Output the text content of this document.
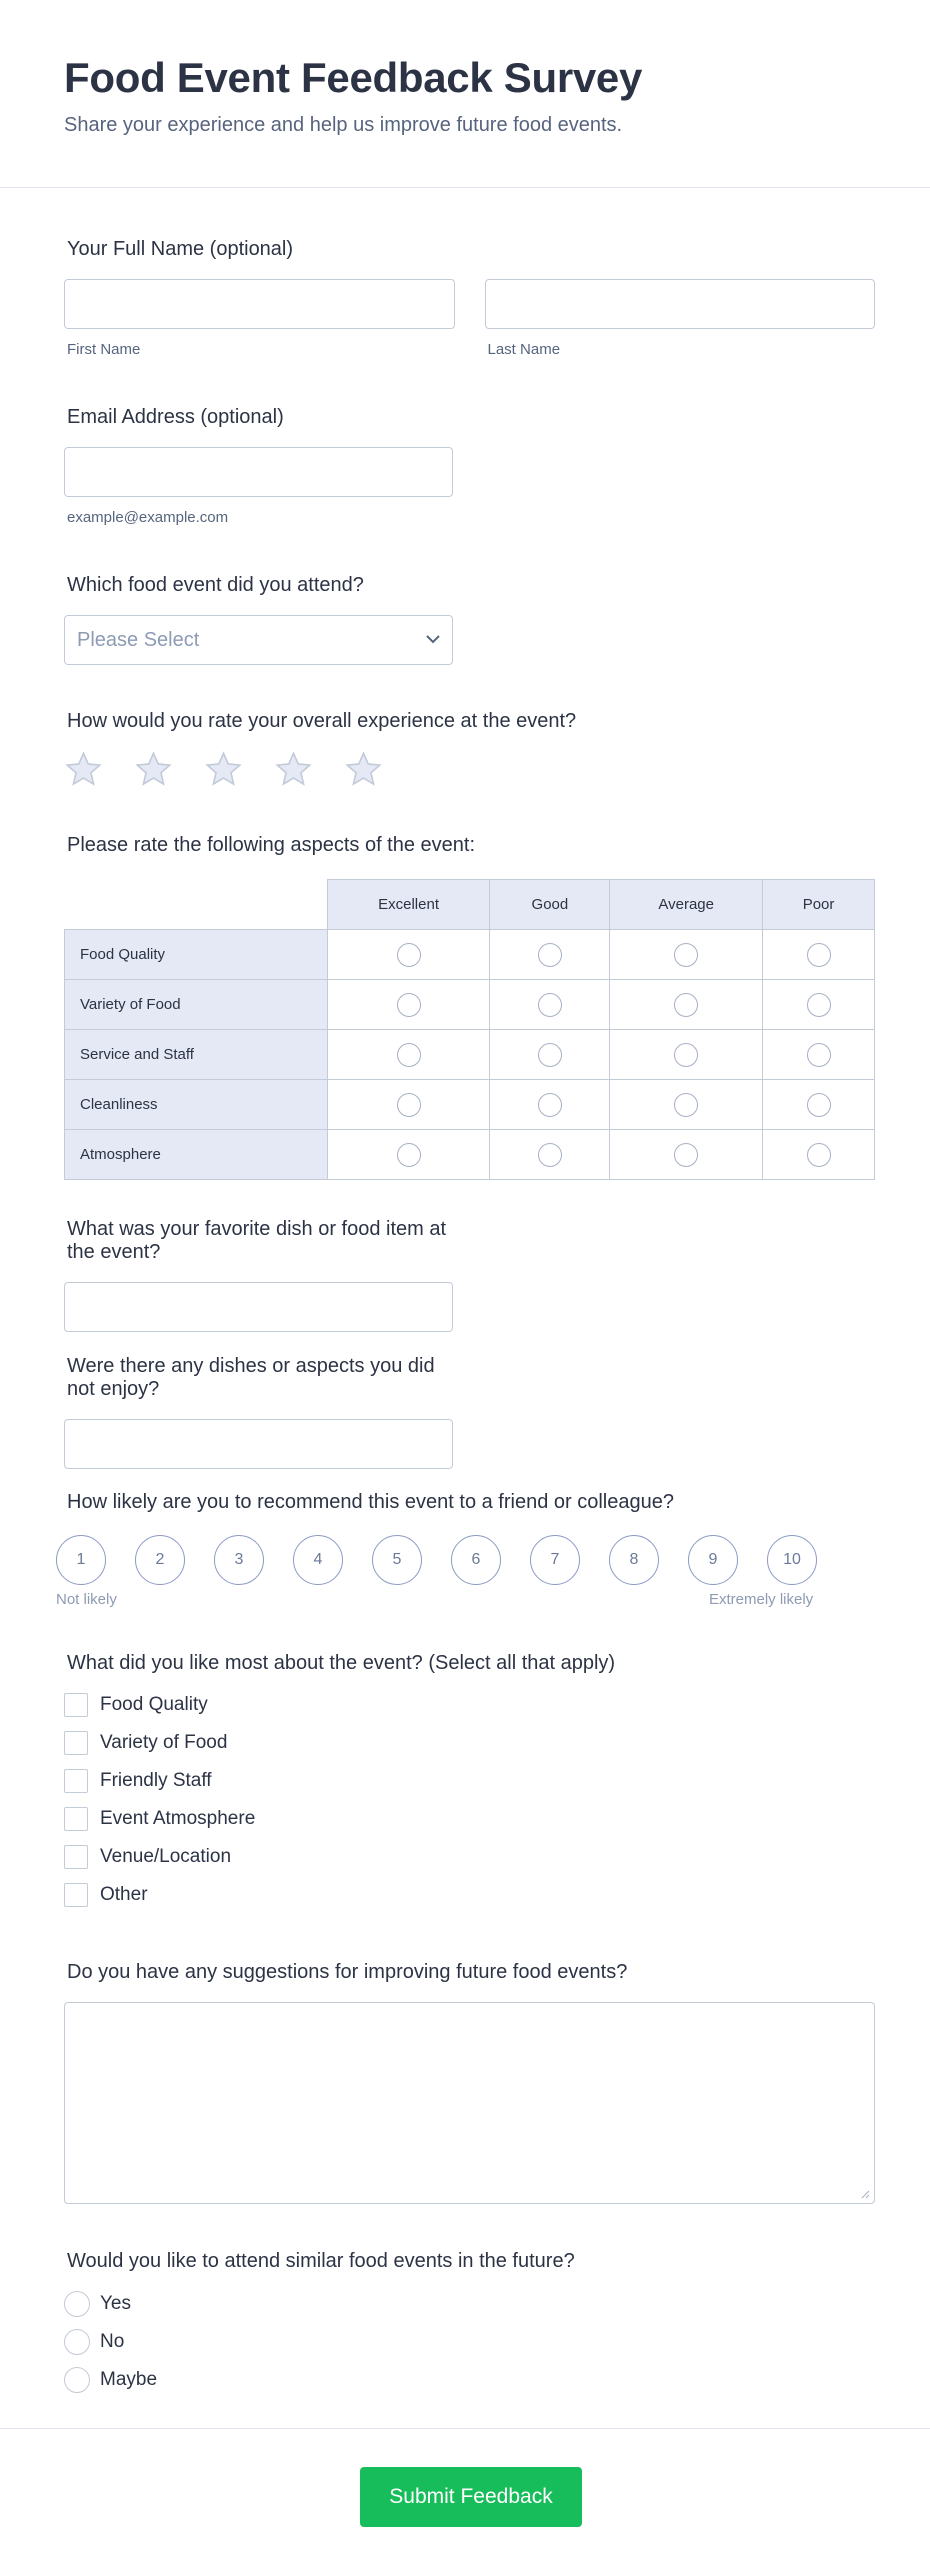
Food Event Feedback Survey

Share your experience and help us improve future food events.

Your Full Name (optional)
First Name	Last Name
Email Address (optional)
example@example.com
Which food event did you attend?
Please Select
How would you rate your overall experience at the event?
Please rate the following aspects of the event:
	Excellent	Good	Average	Poor
Food Quality				
Variety of Food				
Service and Staff				
Cleanliness				
Atmosphere				
What was your favorite dish or food item at the event?
Were there any dishes or aspects you did not enjoy?
How likely are you to recommend this event to a friend or colleague?
1	2	3	4	5	6	7	8	9	10
Not likely	Extremely likely
What did you like most about the event? (Select all that apply)
Food Quality
Variety of Food
Friendly Staff
Event Atmosphere
Venue/Location
Other
Do you have any suggestions for improving future food events?
Would you like to attend similar food events in the future?
Yes
No
Maybe
Submit Feedback
